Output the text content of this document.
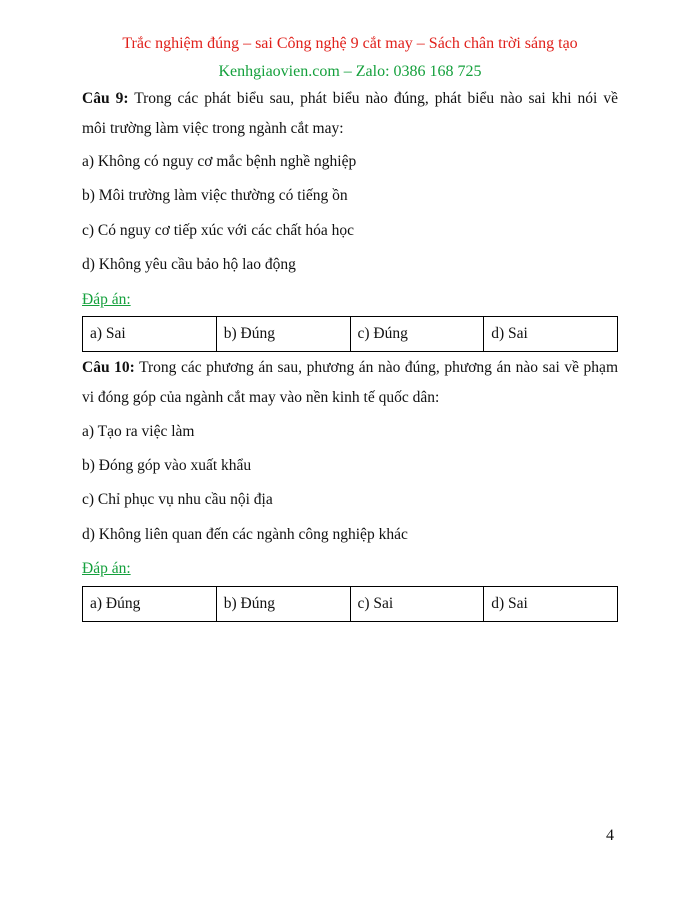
Trắc nghiệm đúng – sai Công nghệ 9 cắt may – Sách chân trời sáng tạo
Kenhgiaovien.com – Zalo: 0386 168 725
Câu 9: Trong các phát biểu sau, phát biểu nào đúng, phát biểu nào sai khi nói về
môi trường làm việc trong ngành cắt may:
a) Không có nguy cơ mắc bệnh nghề nghiệp
b) Môi trường làm việc thường có tiếng ồn
c) Có nguy cơ tiếp xúc với các chất hóa học
d) Không yêu cầu bảo hộ lao động
Đáp án:
a) Sai	b) Đúng	c) Đúng	d) Sai
Câu 10: Trong các phương án sau, phương án nào đúng, phương án nào sai về phạm
vi đóng góp của ngành cắt may vào nền kinh tế quốc dân:
a) Tạo ra việc làm
b) Đóng góp vào xuất khẩu
c) Chỉ phục vụ nhu cầu nội địa
d) Không liên quan đến các ngành công nghiệp khác
Đáp án:
a) Đúng	b) Đúng	c) Sai	d) Sai
4
